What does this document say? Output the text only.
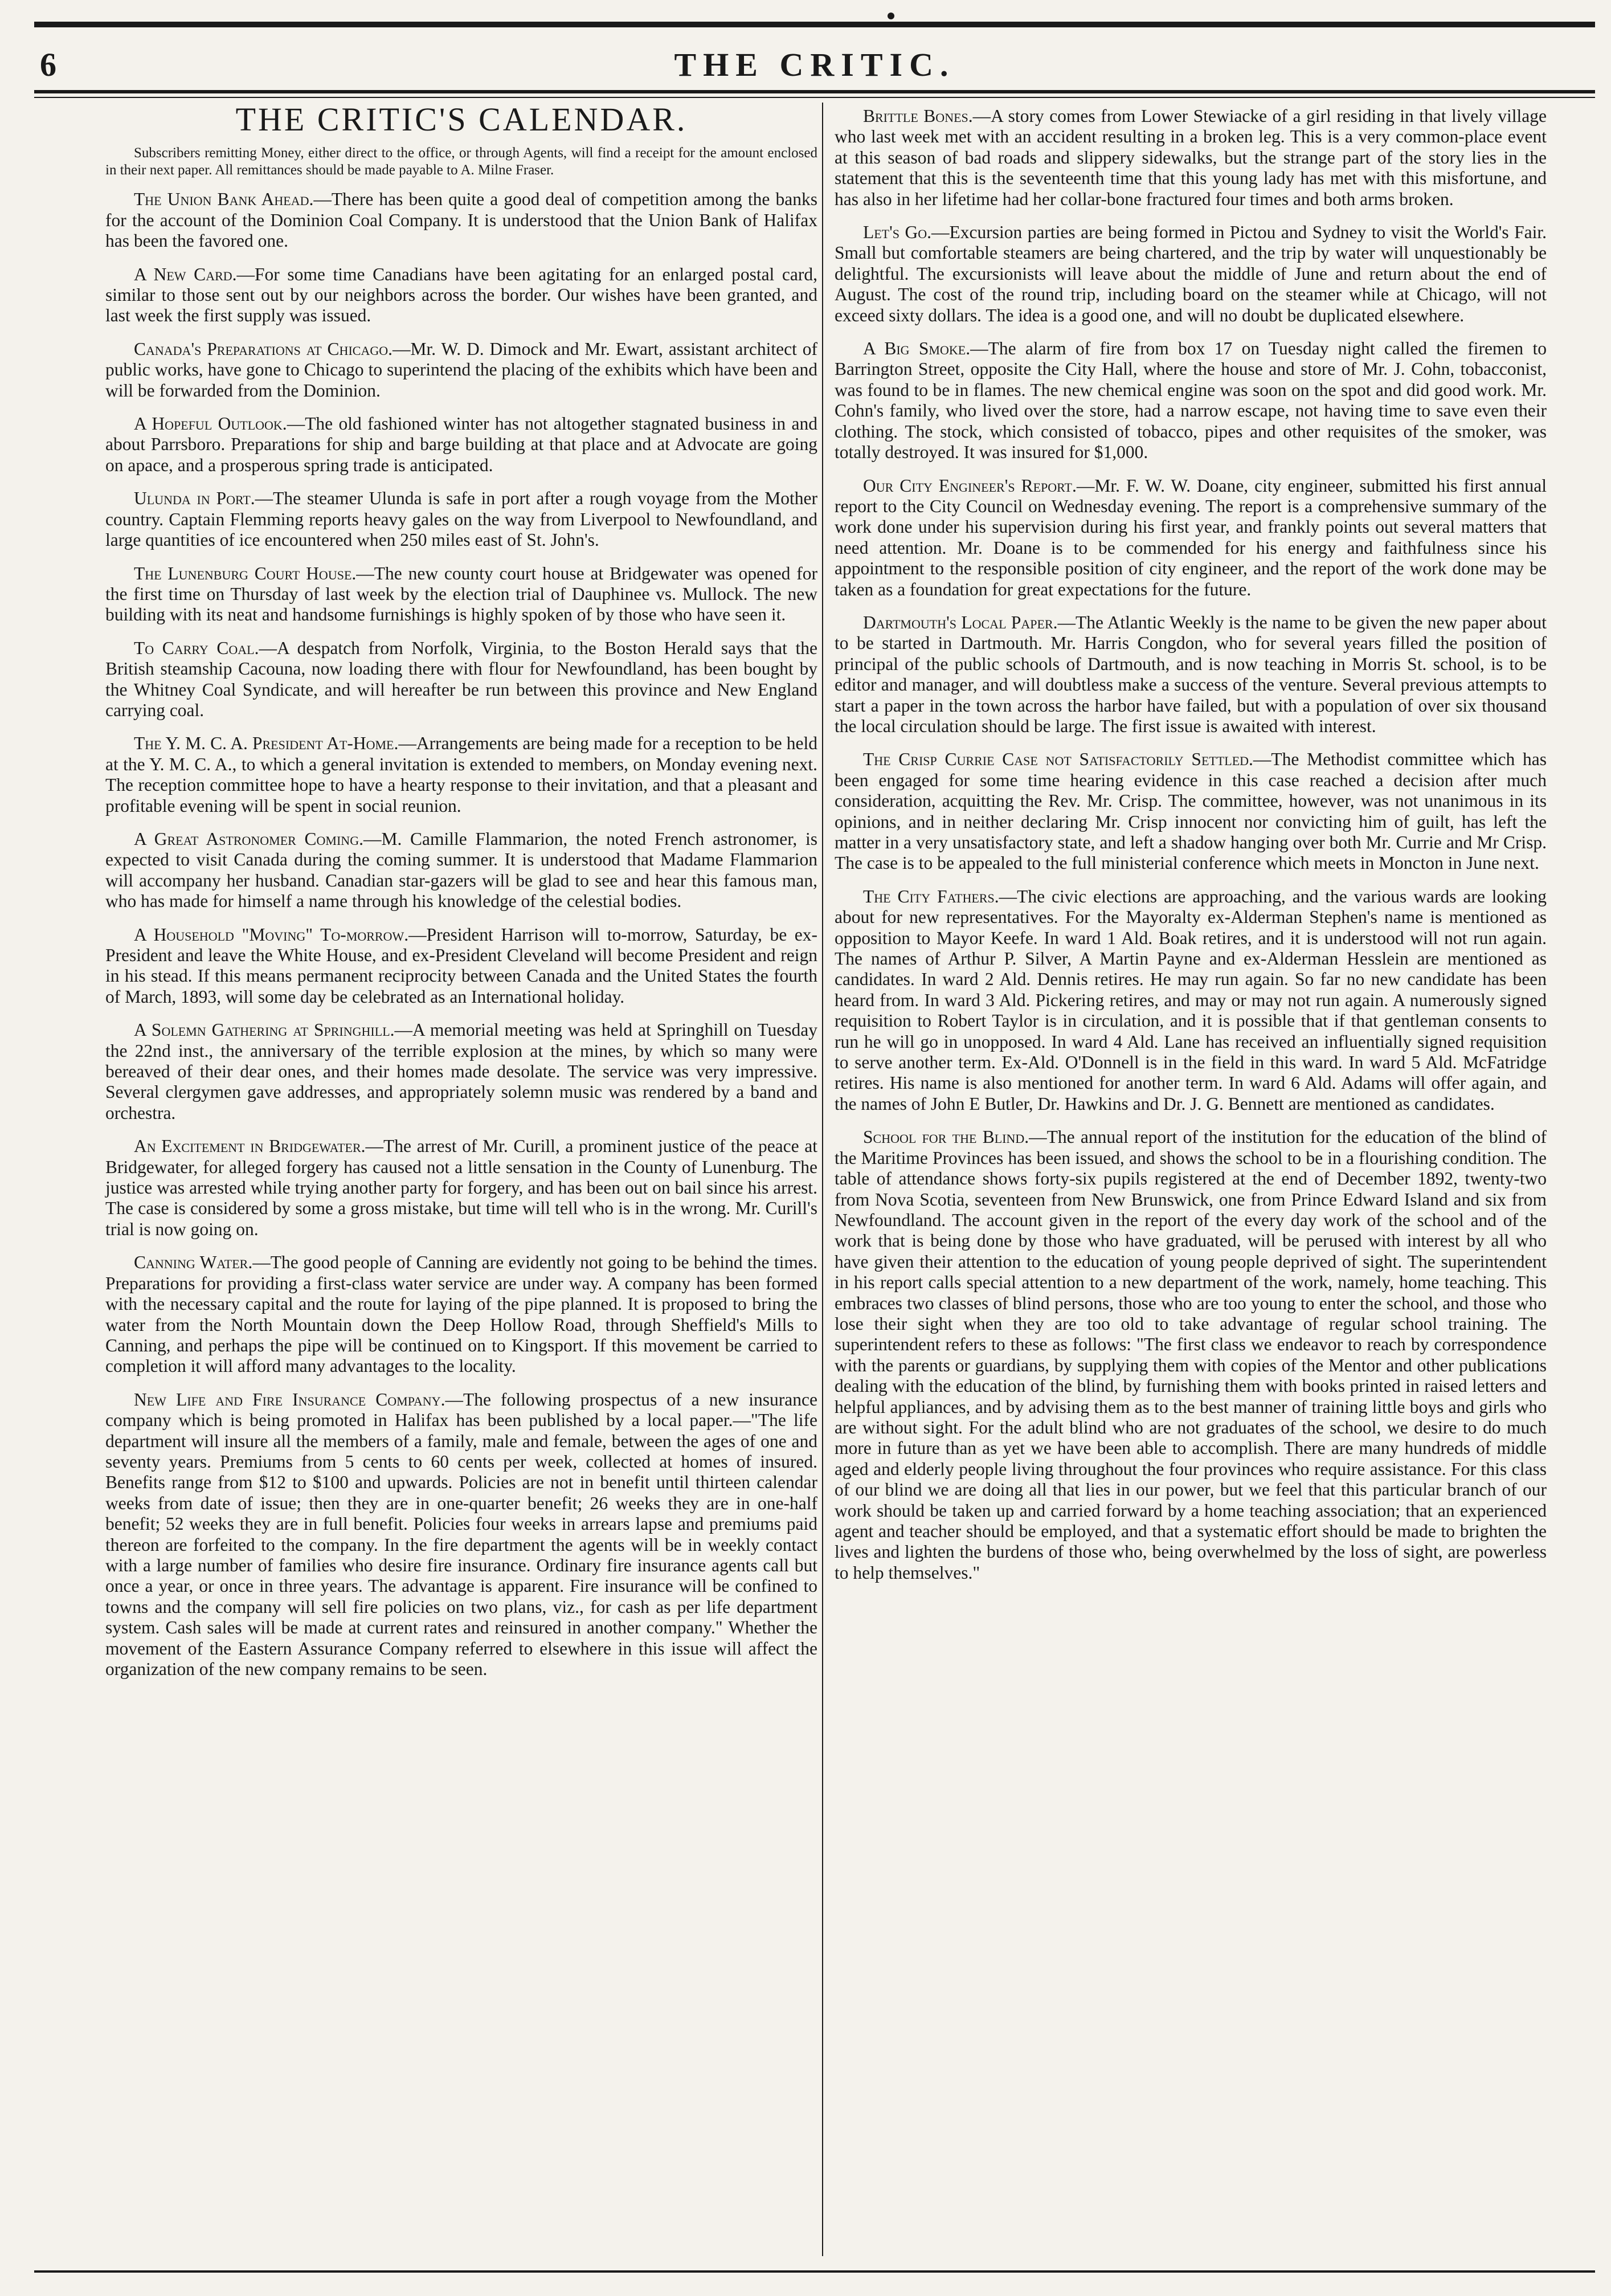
6	THE CRITIC.
THE CRITIC'S CALENDAR.
Subscribers remitting Money, either direct to the office, or through Agents, will find a receipt for the amount enclosed in their next paper. All remittances should be made payable to A. Milne Fraser.

The Union Bank Ahead.—There has been quite a good deal of competition among the banks for the account of the Dominion Coal Company. It is understood that the Union Bank of Halifax has been the favored one.

A New Card.—For some time Canadians have been agitating for an enlarged postal card, similar to those sent out by our neighbors across the border. Our wishes have been granted, and last week the first supply was issued.

Canada's Preparations at Chicago.—Mr. W. D. Dimock and Mr. Ewart, assistant architect of public works, have gone to Chicago to superintend the placing of the exhibits which have been and will be forwarded from the Dominion.

A Hopeful Outlook.—The old fashioned winter has not altogether stagnated business in and about Parrsboro. Preparations for ship and barge building at that place and at Advocate are going on apace, and a prosperous spring trade is anticipated.

Ulunda in Port.—The steamer Ulunda is safe in port after a rough voyage from the Mother country. Captain Flemming reports heavy gales on the way from Liverpool to Newfoundland, and large quantities of ice encountered when 250 miles east of St. John's.

The Lunenburg Court House.—The new county court house at Bridgewater was opened for the first time on Thursday of last week by the election trial of Dauphinee vs. Mullock. The new building with its neat and handsome furnishings is highly spoken of by those who have seen it.

To Carry Coal.—A despatch from Norfolk, Virginia, to the Boston Herald says that the British steamship Cacouna, now loading there with flour for Newfoundland, has been bought by the Whitney Coal Syndicate, and will hereafter be run between this province and New England carrying coal.

The Y. M. C. A. President At-Home.—Arrangements are being made for a reception to be held at the Y. M. C. A., to which a general invitation is extended to members, on Monday evening next. The reception committee hope to have a hearty response to their invitation, and that a pleasant and profitable evening will be spent in social reunion.

A Great Astronomer Coming.—M. Camille Flammarion, the noted French astronomer, is expected to visit Canada during the coming summer. It is understood that Madame Flammarion will accompany her husband. Canadian star-gazers will be glad to see and hear this famous man, who has made for himself a name through his knowledge of the celestial bodies.

A Household "Moving" To-morrow.—President Harrison will to-morrow, Saturday, be ex-President and leave the White House, and ex-President Cleveland will become President and reign in his stead. If this means permanent reciprocity between Canada and the United States the fourth of March, 1893, will some day be celebrated as an International holiday.

A Solemn Gathering at Springhill.—A memorial meeting was held at Springhill on Tuesday the 22nd inst., the anniversary of the terrible explosion at the mines, by which so many were bereaved of their dear ones, and their homes made desolate. The service was very impressive. Several clergymen gave addresses, and appropriately solemn music was rendered by a band and orchestra.

An Excitement in Bridgewater.—The arrest of Mr. Curill, a prominent justice of the peace at Bridgewater, for alleged forgery has caused not a little sensation in the County of Lunenburg. The justice was arrested while trying another party for forgery, and has been out on bail since his arrest. The case is considered by some a gross mistake, but time will tell who is in the wrong. Mr. Curill's trial is now going on.

Canning Water.—The good people of Canning are evidently not going to be behind the times. Preparations for providing a first-class water service are under way. A company has been formed with the necessary capital and the route for laying of the pipe planned. It is proposed to bring the water from the North Mountain down the Deep Hollow Road, through Sheffield's Mills to Canning, and perhaps the pipe will be continued on to Kingsport. If this movement be carried to completion it will afford many advantages to the locality.

New Life and Fire Insurance Company.—The following prospectus of a new insurance company which is being promoted in Halifax has been published by a local paper.—"The life department will insure all the members of a family, male and female, between the ages of one and seventy years. Premiums from 5 cents to 60 cents per week, collected at homes of insured. Benefits range from $12 to $100 and upwards. Policies are not in benefit until thirteen calendar weeks from date of issue; then they are in one-quarter benefit; 26 weeks they are in one-half benefit; 52 weeks they are in full benefit. Policies four weeks in arrears lapse and premiums paid thereon are forfeited to the company. In the fire department the agents will be in weekly contact with a large number of families who desire fire insurance. Ordinary fire insurance agents call but once a year, or once in three years. The advantage is apparent. Fire insurance will be confined to towns and the company will sell fire policies on two plans, viz., for cash as per life department system. Cash sales will be made at current rates and reinsured in another company." Whether the movement of the Eastern Assurance Company referred to elsewhere in this issue will affect the organization of the new company remains to be seen.

Brittle Bones.—A story comes from Lower Stewiacke of a girl residing in that lively village who last week met with an accident resulting in a broken leg. This is a very common-place event at this season of bad roads and slippery sidewalks, but the strange part of the story lies in the statement that this is the seventeenth time that this young lady has met with this misfortune, and has also in her lifetime had her collar-bone fractured four times and both arms broken.

Let's Go.—Excursion parties are being formed in Pictou and Sydney to visit the World's Fair. Small but comfortable steamers are being chartered, and the trip by water will unquestionably be delightful. The excursionists will leave about the middle of June and return about the end of August. The cost of the round trip, including board on the steamer while at Chicago, will not exceed sixty dollars. The idea is a good one, and will no doubt be duplicated elsewhere.

A Big Smoke.—The alarm of fire from box 17 on Tuesday night called the firemen to Barrington Street, opposite the City Hall, where the house and store of Mr. J. Cohn, tobacconist, was found to be in flames. The new chemical engine was soon on the spot and did good work. Mr. Cohn's family, who lived over the store, had a narrow escape, not having time to save even their clothing. The stock, which consisted of tobacco, pipes and other requisites of the smoker, was totally destroyed. It was insured for $1,000.

Our City Engineer's Report.—Mr. F. W. W. Doane, city engineer, submitted his first annual report to the City Council on Wednesday evening. The report is a comprehensive summary of the work done under his supervision during his first year, and frankly points out several matters that need attention. Mr. Doane is to be commended for his energy and faithfulness since his appointment to the responsible position of city engineer, and the report of the work done may be taken as a foundation for great expectations for the future.

Dartmouth's Local Paper.—The Atlantic Weekly is the name to be given the new paper about to be started in Dartmouth. Mr. Harris Congdon, who for several years filled the position of principal of the public schools of Dartmouth, and is now teaching in Morris St. school, is to be editor and manager, and will doubtless make a success of the venture. Several previous attempts to start a paper in the town across the harbor have failed, but with a population of over six thousand the local circulation should be large. The first issue is awaited with interest.

The Crisp Currie Case not Satisfactorily Settled.—The Methodist committee which has been engaged for some time hearing evidence in this case reached a decision after much consideration, acquitting the Rev. Mr. Crisp. The committee, however, was not unanimous in its opinions, and in neither declaring Mr. Crisp innocent nor convicting him of guilt, has left the matter in a very unsatisfactory state, and left a shadow hanging over both Mr. Currie and Mr Crisp. The case is to be appealed to the full ministerial conference which meets in Moncton in June next.

The City Fathers.—The civic elections are approaching, and the various wards are looking about for new representatives. For the Mayoralty ex-Alderman Stephen's name is mentioned as opposition to Mayor Keefe. In ward 1 Ald. Boak retires, and it is understood will not run again. The names of Arthur P. Silver, A Martin Payne and ex-Alderman Hesslein are mentioned as candidates. In ward 2 Ald. Dennis retires. He may run again. So far no new candidate has been heard from. In ward 3 Ald. Pickering retires, and may or may not run again. A numerously signed requisition to Robert Taylor is in circulation, and it is possible that if that gentleman consents to run he will go in unopposed. In ward 4 Ald. Lane has received an influentially signed requisition to serve another term. Ex-Ald. O'Donnell is in the field in this ward. In ward 5 Ald. McFatridge retires. His name is also mentioned for another term. In ward 6 Ald. Adams will offer again, and the names of John E Butler, Dr. Hawkins and Dr. J. G. Bennett are mentioned as candidates.

School for the Blind.—The annual report of the institution for the education of the blind of the Maritime Provinces has been issued, and shows the school to be in a flourishing condition. The table of attendance shows forty-six pupils registered at the end of December 1892, twenty-two from Nova Scotia, seventeen from New Brunswick, one from Prince Edward Island and six from Newfoundland. The account given in the report of the every day work of the school and of the work that is being done by those who have graduated, will be perused with interest by all who have given their attention to the education of young people deprived of sight. The superintendent in his report calls special attention to a new department of the work, namely, home teaching. This embraces two classes of blind persons, those who are too young to enter the school, and those who lose their sight when they are too old to take advantage of regular school training. The superintendent refers to these as follows: "The first class we endeavor to reach by correspondence with the parents or guardians, by supplying them with copies of the Mentor and other publications dealing with the education of the blind, by furnishing them with books printed in raised letters and helpful appliances, and by advising them as to the best manner of training little boys and girls who are without sight. For the adult blind who are not graduates of the school, we desire to do much more in future than as yet we have been able to accomplish. There are many hundreds of middle aged and elderly people living throughout the four provinces who require assistance. For this class of our blind we are doing all that lies in our power, but we feel that this particular branch of our work should be taken up and carried forward by a home teaching association; that an experienced agent and teacher should be employed, and that a systematic effort should be made to brighten the lives and lighten the burdens of those who, being overwhelmed by the loss of sight, are powerless to help themselves."
